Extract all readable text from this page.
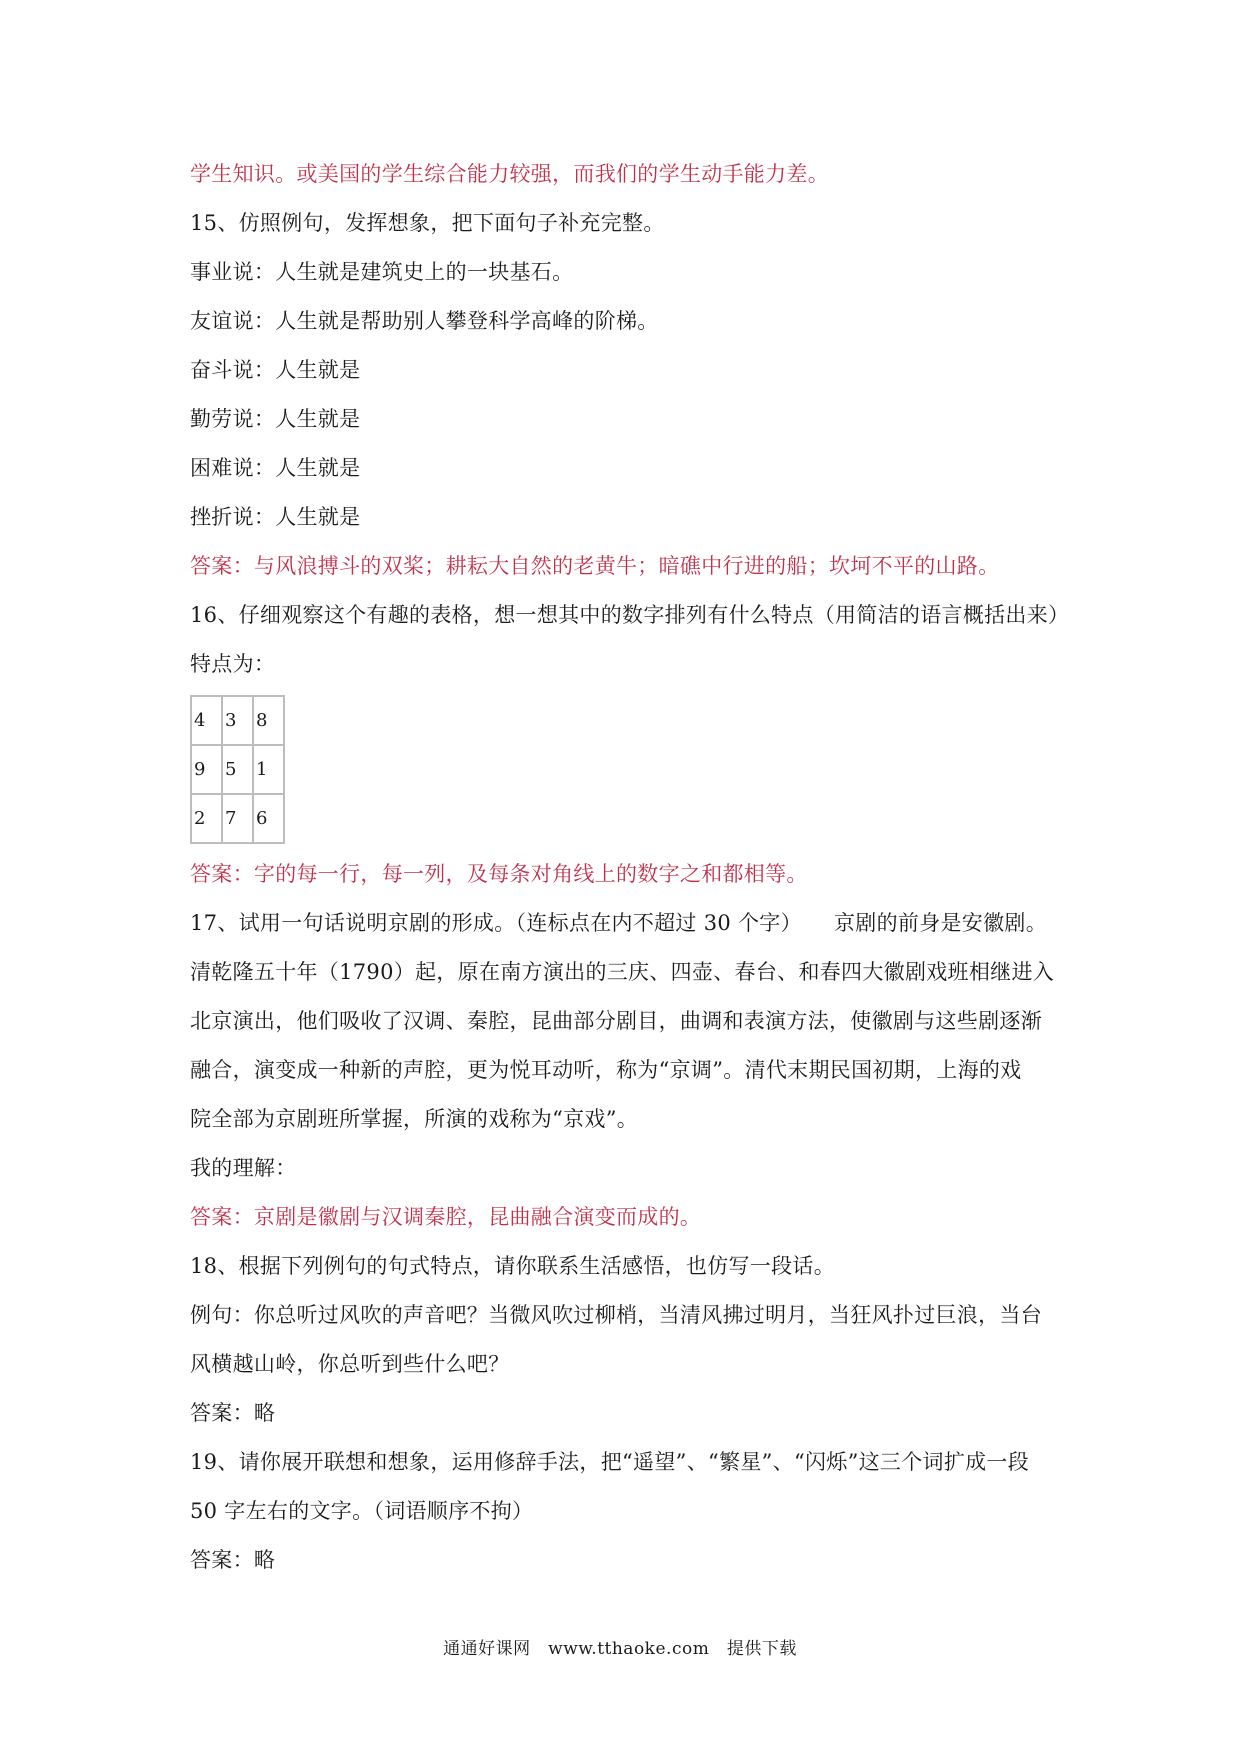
学生知识。或美国的学生综合能力较强，而我们的学生动手能力差。
15、仿照例句，发挥想象，把下面句子补充完整。
事业说：人生就是建筑史上的一块基石。
友谊说：人生就是帮助别人攀登科学高峰的阶梯。
奋斗说：人生就是
勤劳说：人生就是
困难说：人生就是
挫折说：人生就是
答案：与风浪搏斗的双桨；耕耘大自然的老黄牛；暗礁中行进的船；坎坷不平的山路。
16、仔细观察这个有趣的表格，想一想其中的数字排列有什么特点（用简洁的语言概括出来）
特点为：
4	3	8
9	5	1
2	7	6
答案：字的每一行，每一列，及每条对角线上的数字之和都相等。
17、试用一句话说明京剧的形成。（连标点在内不超过 30 个字）　　京剧的前身是安徽剧。
清乾隆五十年（1790）起，原在南方演出的三庆、四壶、春台、和春四大徽剧戏班相继进入
北京演出，他们吸收了汉调、秦腔，昆曲部分剧目，曲调和表演方法，使徽剧与这些剧逐渐
融合，演变成一种新的声腔，更为悦耳动听，称为“京调”。清代末期民国初期，上海的戏
院全部为京剧班所掌握，所演的戏称为“京戏”。
我的理解：
答案：京剧是徽剧与汉调秦腔，昆曲融合演变而成的。
18、根据下列例句的句式特点，请你联系生活感悟，也仿写一段话。
例句：你总听过风吹的声音吧？当微风吹过柳梢，当清风拂过明月，当狂风扑过巨浪，当台
风横越山岭，你总听到些什么吧？
答案：略
19、请你展开联想和想象，运用修辞手法，把“遥望”、“繁星”、“闪烁”这三个词扩成一段
50 字左右的文字。（词语顺序不拘）
答案：略
通通好课网　www.tthaoke.com　提供下载
